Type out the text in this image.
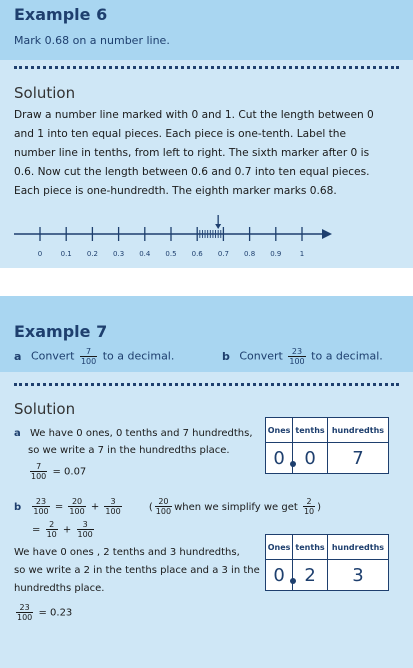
Example 6
Mark 0.68 on a number line.
Solution
Draw a number line marked with 0 and 1. Cut the length between 0 and 1 into ten equal pieces. Each piece is one-tenth. Label the number line in tenths, from left to right. The sixth marker after 0 is 0.6. Now cut the length between 0.6 and 0.7 into ten equal pieces. Each piece is one-hundredth. The eighth marker marks 0.68.
0	0.1 0.2 0.3 0.4 0.5 0.6 0.7 0.8 0.9	1
Example 7
a Convert $\frac{7}{100}$ to a decimal.	b Convert $\frac{23}{100}$ to a decimal.
Solution
a We have 0 ones, 0 tenths and 7 hundredths,
so we write a 7 in the hundredths place.
$\frac{7}{100} = 0.07$
Ones	tenths	hundredths
0	0	7
b $\frac{23}{100} = \frac{20}{100} + \frac{3}{100}$	( $\frac{20}{100}$ when we simplify we get $\frac{2}{10}$ )
= $\frac{2}{10} + \frac{3}{100}$
We have 0 ones , 2 tenths and 3 hundredths,
so we write a 2 in the tenths place and a 3 in the
hundredths place.
$\frac{23}{100} = 0.23$
Ones	tenths	hundredths
0	2	3
